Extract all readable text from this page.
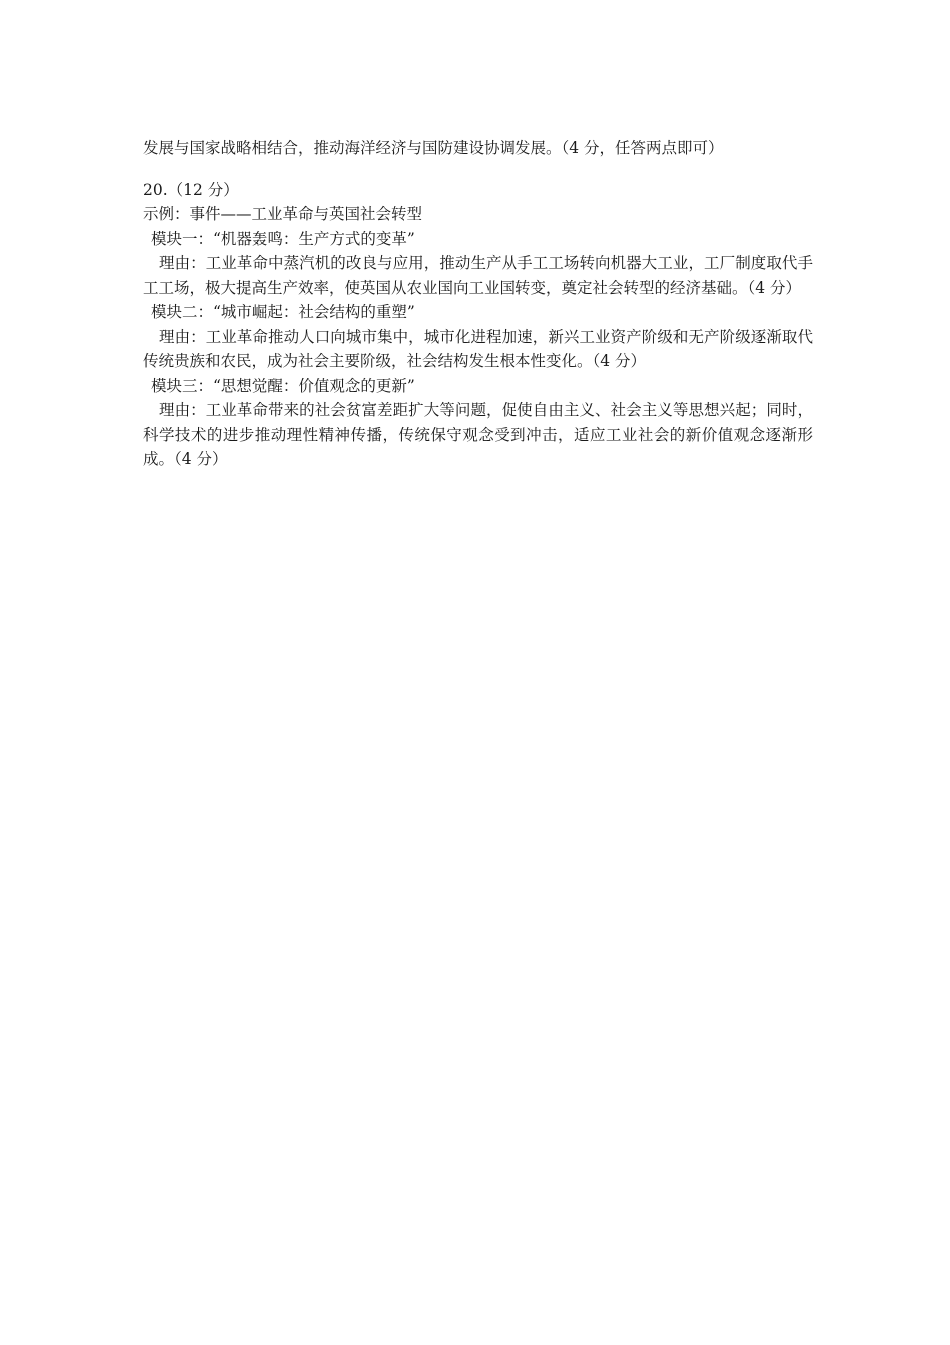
发展与国家战略相结合，推动海洋经济与国防建设协调发展。（4 分，任答两点即可）
20.（12 分）
示例：事件——工业革命与英国社会转型
模块一：“机器轰鸣：生产方式的变革”
理由：工业革命中蒸汽机的改良与应用，推动生产从手工工场转向机器大工业，工厂制度取代手工工场，极大提高生产效率，使英国从农业国向工业国转变，奠定社会转型的经济基础。（4 分）
模块二：“城市崛起：社会结构的重塑”
理由：工业革命推动人口向城市集中，城市化进程加速，新兴工业资产阶级和无产阶级逐渐取代传统贵族和农民，成为社会主要阶级，社会结构发生根本性变化。（4 分）
模块三：“思想觉醒：价值观念的更新”
理由：工业革命带来的社会贫富差距扩大等问题，促使自由主义、社会主义等思想兴起；同时，科学技术的进步推动理性精神传播，传统保守观念受到冲击，适应工业社会的新价值观念逐渐形成。（4 分）
